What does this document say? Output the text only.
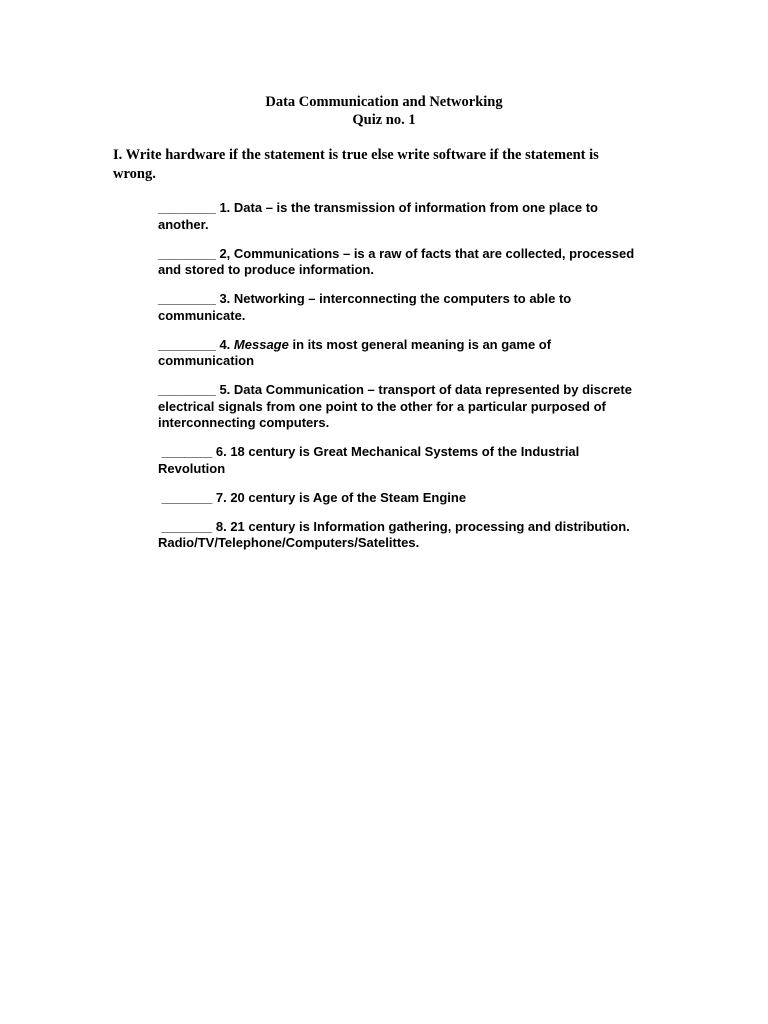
Data Communication and Networking
Quiz no. 1
I. Write hardware if the statement is true else write software if the statement is wrong.
________ 1. Data – is the transmission of information from one place to another.
________ 2, Communications – is a raw of facts that are collected, processed and stored to produce information.
________ 3. Networking – interconnecting the computers to able to communicate.
________ 4. Message in its most general meaning is an game of communication
________ 5. Data Communication – transport of data represented by discrete electrical signals from one point to the other for a particular purposed of interconnecting computers.
_______ 6. 18 century is Great Mechanical Systems of the Industrial Revolution
_______ 7. 20 century is Age of the Steam Engine
_______ 8. 21 century is Information gathering, processing and distribution. Radio/TV/Telephone/Computers/Satelittes.
